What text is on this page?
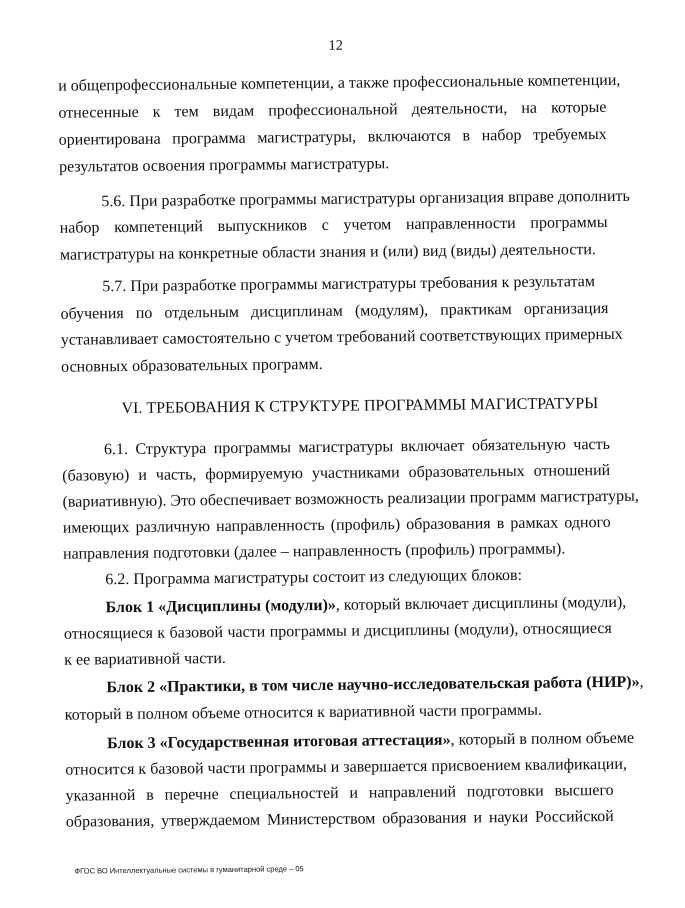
12
и общепрофессиональные компетенции, а также профессиональные компетенции,
отнесенные к тем видам профессиональной деятельности, на которые
ориентирована программа магистратуры, включаются в набор требуемых
результатов освоения программы магистратуры.
5.6. При разработке программы магистратуры организация вправе дополнить
набор компетенций выпускников с учетом направленности программы
магистратуры на конкретные области знания и (или) вид (виды) деятельности.
5.7. При разработке программы магистратуры требования к результатам
обучения по отдельным дисциплинам (модулям), практикам организация
устанавливает самостоятельно с учетом требований соответствующих примерных
основных образовательных программ.
VI. ТРЕБОВАНИЯ К СТРУКТУРЕ ПРОГРАММЫ МАГИСТРАТУРЫ
6.1. Структура программы магистратуры включает обязательную часть
(базовую) и часть, формируемую участниками образовательных отношений
(вариативную). Это обеспечивает возможность реализации программ магистратуры,
имеющих различную направленность (профиль) образования в рамках одного
направления подготовки (далее – направленность (профиль) программы).
6.2. Программа магистратуры состоит из следующих блоков:
Блок 1 «Дисциплины (модули)», который включает дисциплины (модули),
относящиеся к базовой части программы и дисциплины (модули), относящиеся
к ее вариативной части.
Блок 2 «Практики, в том числе научно-исследовательская работа (НИР)»,
который в полном объеме относится к вариативной части программы.
Блок 3 «Государственная итоговая аттестация», который в полном объеме
относится к базовой части программы и завершается присвоением квалификации,
указанной в перечне специальностей и направлений подготовки высшего
образования, утверждаемом Министерством образования и науки Российской
ФГОС ВО Интеллектуальные системы в гуманитарной среде – 05
